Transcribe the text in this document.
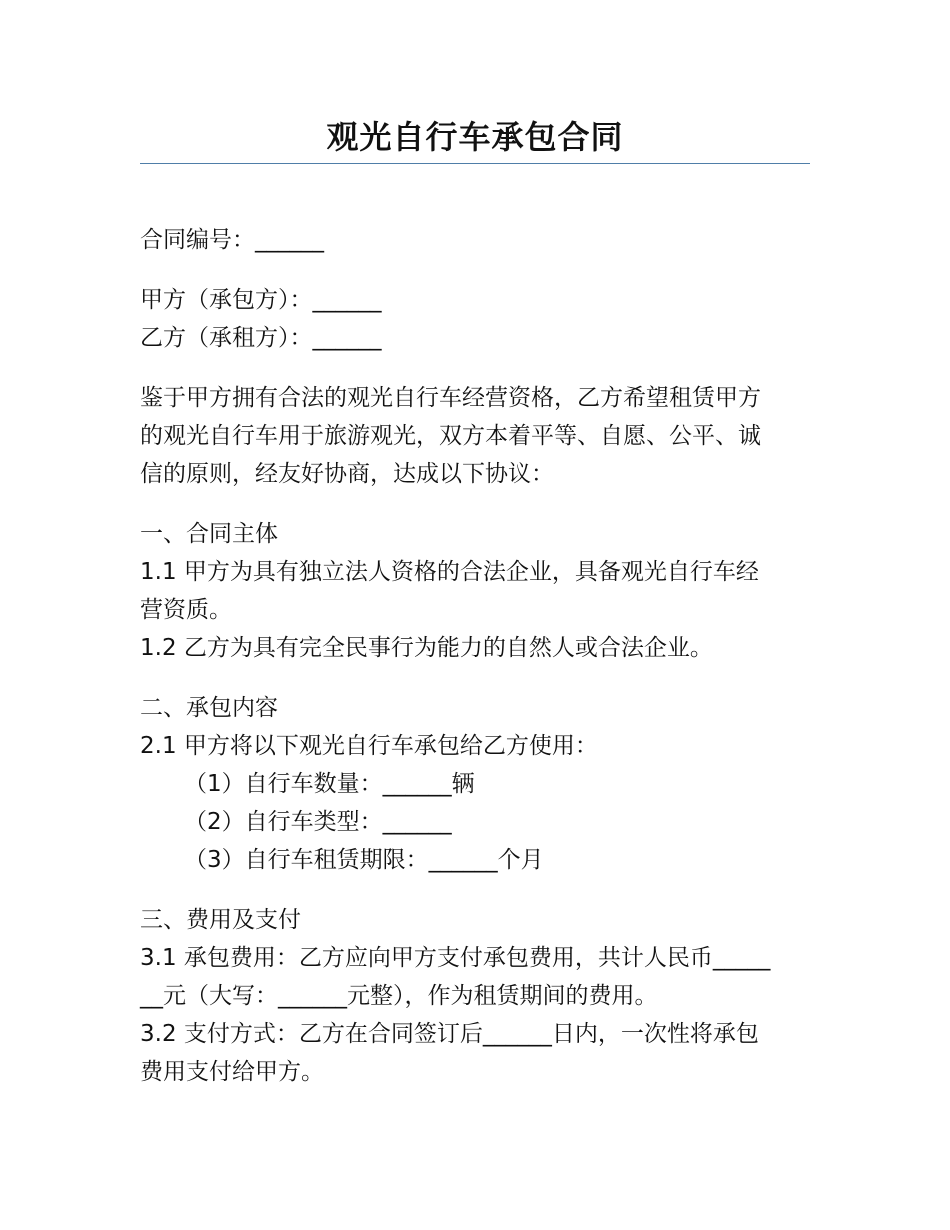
观光自行车承包合同

合同编号：______

甲方（承包方）：______

乙方（承租方）：______

鉴于甲方拥有合法的观光自行车经营资格，乙方希望租赁甲方

的观光自行车用于旅游观光，双方本着平等、自愿、公平、诚

信的原则，经友好协商，达成以下协议：

一、合同主体

1.1 甲方为具有独立法人资格的合法企业，具备观光自行车经

营资质。

1.2 乙方为具有完全民事行为能力的自然人或合法企业。

二、承包内容

2.1 甲方将以下观光自行车承包给乙方使用：

（1）自行车数量：______辆

（2）自行车类型：______

（3）自行车租赁期限：______个月

三、费用及支付

3.1 承包费用：乙方应向甲方支付承包费用，共计人民币_____

__元（大写：______元整），作为租赁期间的费用。

3.2 支付方式：乙方在合同签订后______日内，一次性将承包

费用支付给甲方。
